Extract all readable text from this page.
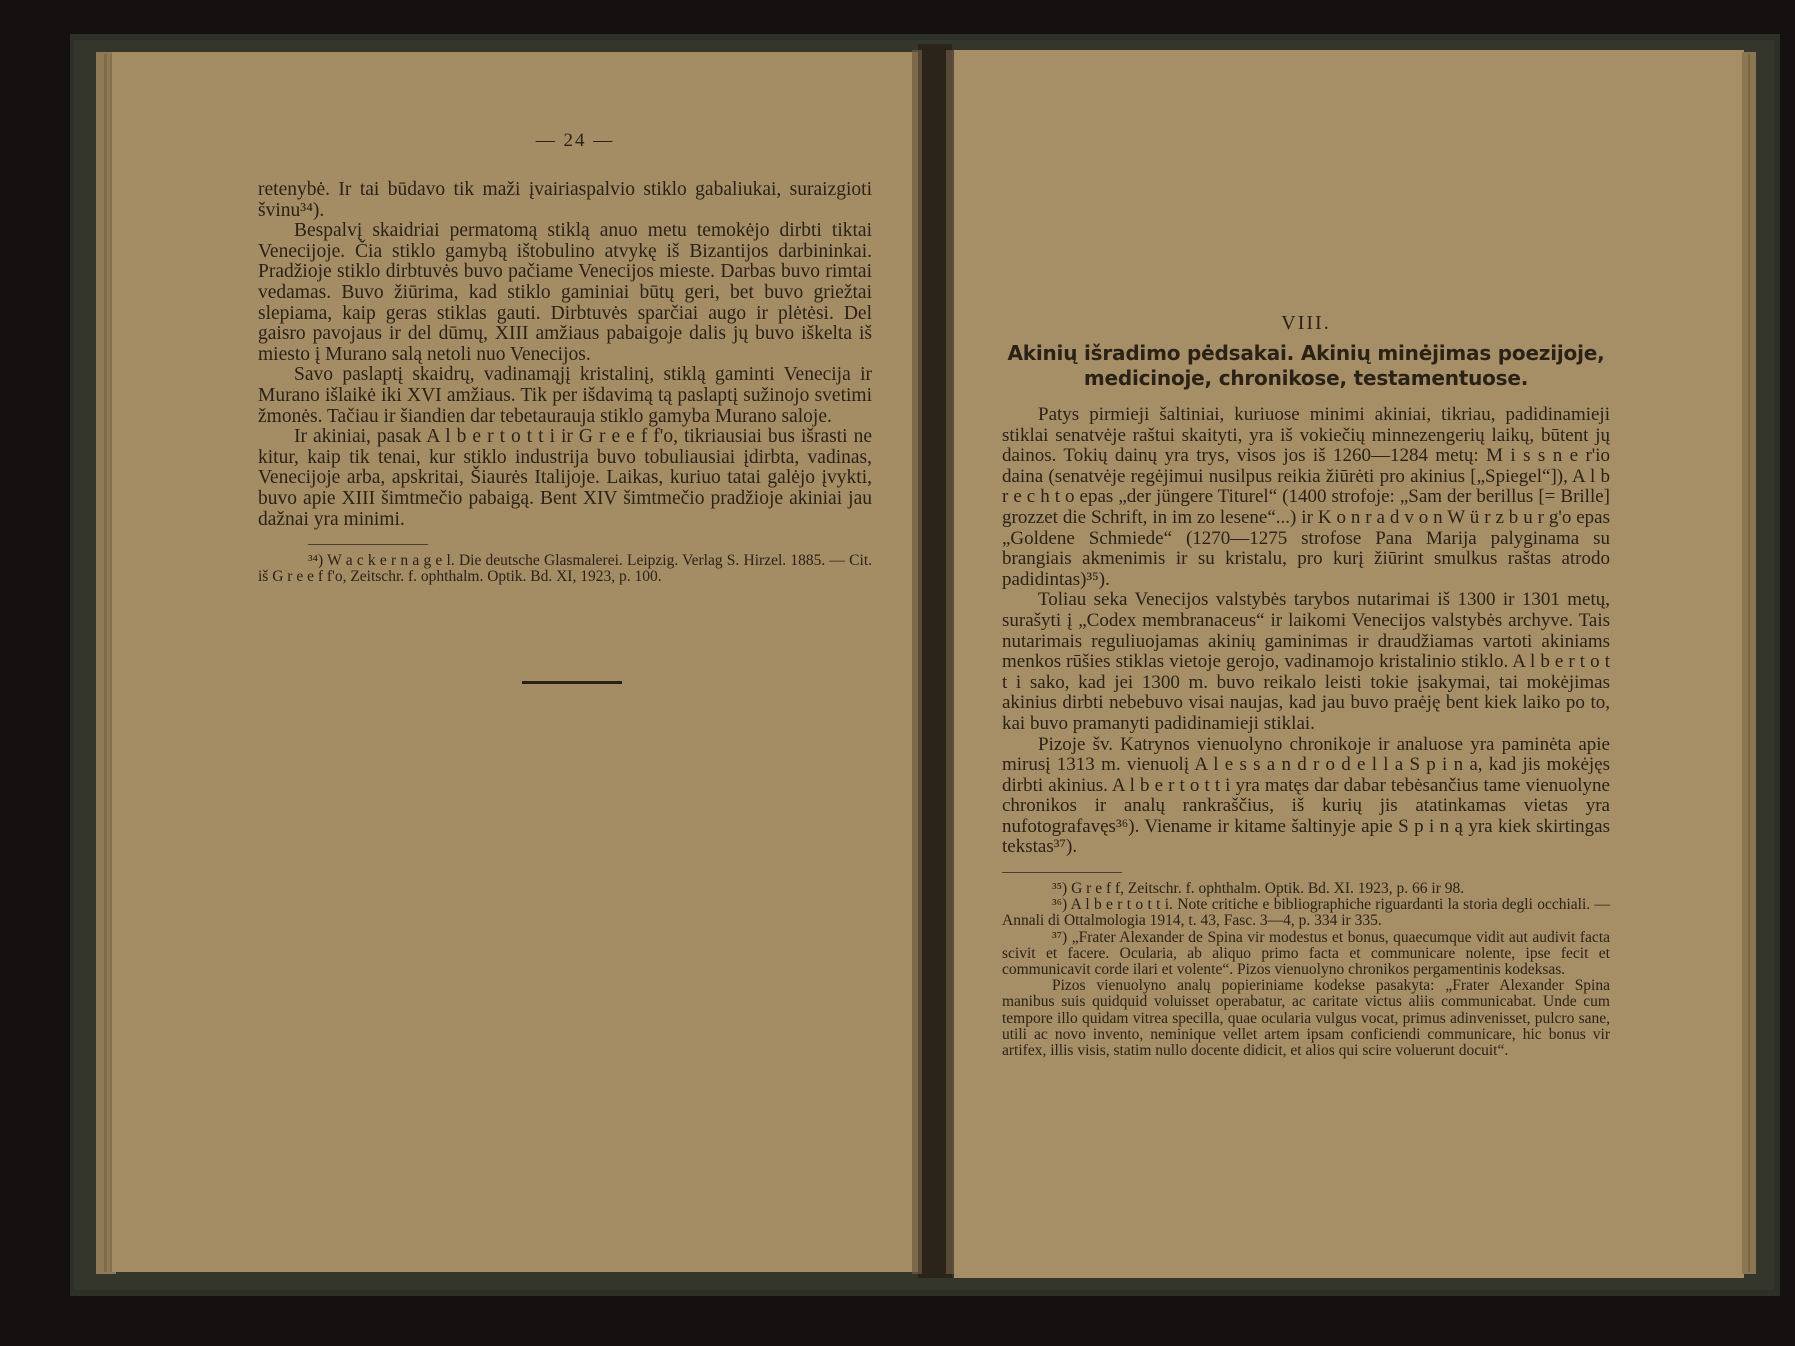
— 24 —

retenybė. Ir tai būdavo tik maži įvairiaspalvio stiklo gabaliukai, suraizgioti švinu³⁴).

Bespalvį skaidriai permatomą stiklą anuo metu temokėjo dirbti tiktai Venecijoje. Čia stiklo gamybą ištobulino atvykę iš Bizantijos darbininkai. Pradžioje stiklo dirbtuvės buvo pačiame Venecijos mieste. Darbas buvo rimtai vedamas. Buvo žiūrima, kad stiklo gaminiai būtų geri, bet buvo griežtai slepiama, kaip geras stiklas gauti. Dirbtuvės sparčiai augo ir plėtėsi. Del gaisro pavojaus ir del dūmų, XIII amžiaus pabaigoje dalis jų buvo iškelta iš miesto į Murano salą netoli nuo Venecijos.

Savo paslaptį skaidrų, vadinamąjį kristalinį, stiklą gaminti Venecija ir Murano išlaikė iki XVI amžiaus. Tik per išdavimą tą paslaptį sužinojo svetimi žmonės. Tačiau ir šiandien dar tebetaurauja stiklo gamyba Murano saloje.

Ir akiniai, pasak A l b e r t o t t i ir G r e e f f'o, tikriausiai bus išrasti ne kitur, kaip tik tenai, kur stiklo industrija buvo tobuliausiai įdirbta, vadinas, Venecijoje arba, apskritai, Šiaurės Italijoje. Laikas, kuriuo tatai galėjo įvykti, buvo apie XIII šimtmečio pabaigą. Bent XIV šimtmečio pradžioje akiniai jau dažnai yra minimi.

³⁴) W a c k e r n a g e l. Die deutsche Glasmalerei. Leipzig. Verlag S. Hirzel. 1885. — Cit. iš G r e e f f'o, Zeitschr. f. ophthalm. Optik. Bd. XI, 1923, p. 100.

VIII.
Akinių išradimo pėdsakai. Akinių minėjimas poezijoje,
medicinoje, chronikose, testamentuose.

Patys pirmieji šaltiniai, kuriuose minimi akiniai, tikriau, padidinamieji stiklai senatvėje raštui skaityti, yra iš vokiečių minnezengerių laikų, būtent jų dainos. Tokių dainų yra trys, visos jos iš 1260—1284 metų: M i s s n e r'io daina (senatvėje regėjimui nusilpus reikia žiūrėti pro akinius [„Spiegel“]), A l b r e c h t o epas „der jüngere Titurel“ (1400 strofoje: „Sam der berillus [= Brille] grozzet die Schrift, in im zo lesene“...) ir K o n r a d v o n W ü r z b u r g'o epas „Goldene Schmiede“ (1270—1275 strofose Pana Marija palyginama su brangiais akmenimis ir su kristalu, pro kurį žiūrint smulkus raštas atrodo padidintas)³⁵).

Toliau seka Venecijos valstybės tarybos nutarimai iš 1300 ir 1301 metų, surašyti į „Codex membranaceus“ ir laikomi Venecijos valstybės archyve. Tais nutarimais reguliuojamas akinių gaminimas ir draudžiamas vartoti akiniams menkos rūšies stiklas vietoje gerojo, vadinamojo kristalinio stiklo. A l b e r t o t t i sako, kad jei 1300 m. buvo reikalo leisti tokie įsakymai, tai mokėjimas akinius dirbti nebebuvo visai naujas, kad jau buvo praėję bent kiek laiko po to, kai buvo pramanyti padidinamieji stiklai.

Pizoje šv. Katrynos vienuolyno chronikoje ir analuose yra paminėta apie mirusį 1313 m. vienuolį A l e s s a n d r o d e l l a S p i n a, kad jis mokėjęs dirbti akinius. A l b e r t o t t i yra matęs dar dabar tebėsančius tame vienuolyne chronikos ir analų rankraščius, iš kurių jis atatinkamas vietas yra nufotografavęs³⁶). Viename ir kitame šaltinyje apie S p i n ą yra kiek skirtingas tekstas³⁷).

³⁵) G r e f f, Zeitschr. f. ophthalm. Optik. Bd. XI. 1923, p. 66 ir 98.

³⁶) A l b e r t o t t i. Note critiche e bibliographiche riguardanti la storia degli occhiali. — Annali di Ottalmologia 1914, t. 43, Fasc. 3—4, p. 334 ir 335.

³⁷) „Frater Alexander de Spina vir modestus et bonus, quaecumque vidit aut audivit facta scivit et facere. Ocularia, ab aliquo primo facta et communicare nolente, ipse fecit et communicavit corde ilari et volente“. Pizos vienuolyno chronikos pergamentinis kodeksas.

Pizos vienuolyno analų popieriniame kodekse pasakyta: „Frater Alexander Spina manibus suis quidquid voluisset operabatur, ac caritate victus aliis communicabat. Unde cum tempore illo quidam vitrea specilla, quae ocularia vulgus vocat, primus adinvenisset, pulcro sane, utili ac novo invento, neminique vellet artem ipsam conficiendi communicare, hic bonus vir artifex, illis visis, statim nullo docente didicit, et alios qui scire voluerunt docuit“.
